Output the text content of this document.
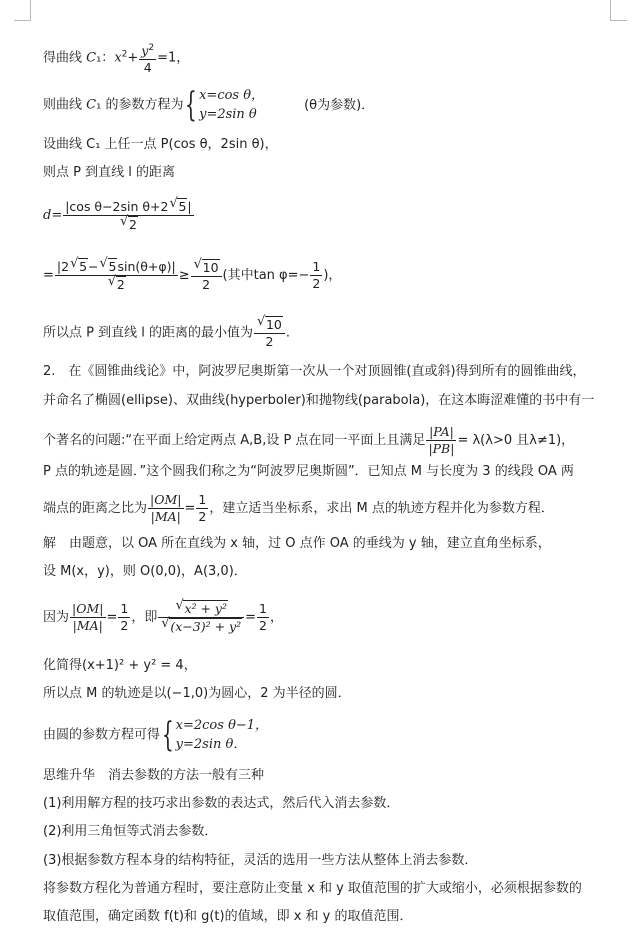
得曲线 C₁：$x^2+ \frac{y^2}{4} =1$，
则曲线 C₁ 的参数方程为{ x=cos θ，
y=2sin θ(θ为参数)．
设曲线 C₁ 上任一点 P(cos θ，2sin θ)，
则点 P 到直线 l 的距离
d= |cos θ−2sin θ+2 √ 5|
√ 2
= |2 √ 5− √ 5sin(θ+φ)|
√ 2 ≥ √ $\frac{10}{2}$ (其中$\tan \varphi=- \frac{1}{2}$ )，
所以点 P 到直线 l 的距离的最小值为 √ $\frac{10}{2}$ .
2.　在《圆锥曲线论》中，阿波罗尼奥斯第一次从一个对顶圆锥(直或斜)得到所有的圆锥曲线，
并命名了椭圆(ellipse)、双曲线(hyperboler)和抛物线(parabola)，在这本晦涩难懂的书中有一
个著名的问题:“在平面上给定两点 A,B,设 P 点在同一平面上且满足 $\frac{|PA|}{|PB|} = \lambda(\lambda>0$ 且λ≠1)，
P 点的轨迹是圆．”这个圆我们称之为“阿波罗尼奥斯圆”．已知点 M 与长度为 3 的线段 OA 两
端点的距离之比为 $\frac{|OM|}{|MA|} = \frac{1}{2}$ ，建立适当坐标系，求出 M 点的轨迹方程并化为参数方程．
解　由题意，以 OA 所在直线为 x 轴，过 O 点作 OA 的垂线为 y 轴，建立直角坐标系，
设 M(x，y)，则 O(0,0)，A(3,0)．
因为 $\frac{|OM|}{|MA|} = \frac{1}{2}$ ，即 √ x² + y²
√ $(x-3)^2 + y^2 = \frac{1}{2}$ ，
化简得(x+1)² + y² = 4，
所以点 M 的轨迹是以(−1,0)为圆心，2 为半径的圆．
由圆的参数方程可得{ x=2cos θ−1，
y=2sin θ．
思维升华　消去参数的方法一般有三种
(1)利用解方程的技巧求出参数的表达式，然后代入消去参数．
(2)利用三角恒等式消去参数．
(3)根据参数方程本身的结构特征，灵活的选用一些方法从整体上消去参数．
将参数方程化为普通方程时，要注意防止变量 x 和 y 取值范围的扩大或缩小，必须根据参数的
取值范围，确定函数 f(t)和 g(t)的值域，即 x 和 y 的取值范围．
